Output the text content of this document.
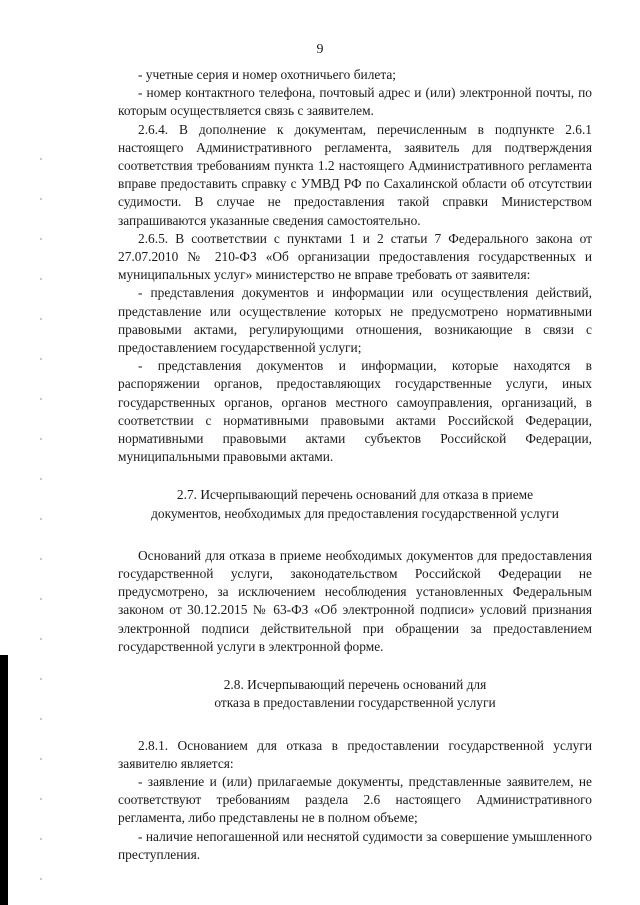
9

- учетные серия и номер охотничьего билета;

- номер контактного телефона, почтовый адрес и (или) электронной почты, по которым осуществляется связь с заявителем.

2.6.4. В дополнение к документам, перечисленным в подпункте 2.6.1 настоящего Административного регламента, заявитель для подтверждения соответствия требованиям пункта 1.2 настоящего Административного регламента вправе предоставить справку с УМВД РФ по Сахалинской области об отсутствии судимости. В случае не предоставления такой справки Министерством запрашиваются указанные сведения самостоятельно.

2.6.5. В соответствии с пунктами 1 и 2 статьи 7 Федерального закона от 27.07.2010 № 210-ФЗ «Об организации предоставления государственных и муниципальных услуг» министерство не вправе требовать от заявителя:

- представления документов и информации или осуществления действий, представление или осуществление которых не предусмотрено нормативными правовыми актами, регулирующими отношения, возникающие в связи с предоставлением государственной услуги;

- представления документов и информации, которые находятся в распоряжении органов, предоставляющих государственные услуги, иных государственных органов, органов местного самоуправления, организаций, в соответствии с нормативными правовыми актами Российской Федерации, нормативными правовыми актами субъектов Российской Федерации, муниципальными правовыми актами.

2.7. Исчерпывающий перечень оснований для отказа в приеме
документов, необходимых для предоставления государственной услуги

Оснований для отказа в приеме необходимых документов для предоставления государственной услуги, законодательством Российской Федерации не предусмотрено, за исключением несоблюдения установленных Федеральным законом от 30.12.2015 № 63-ФЗ «Об электронной подписи» условий признания электронной подписи действительной при обращении за предоставлением государственной услуги в электронной форме.

2.8. Исчерпывающий перечень оснований для
отказа в предоставлении государственной услуги

2.8.1. Основанием для отказа в предоставлении государственной услуги заявителю является:

- заявление и (или) прилагаемые документы, представленные заявителем, не соответствуют требованиям раздела 2.6 настоящего Административного регламента, либо представлены не в полном объеме;

- наличие непогашенной или неснятой судимости за совершение умышленного преступления.
